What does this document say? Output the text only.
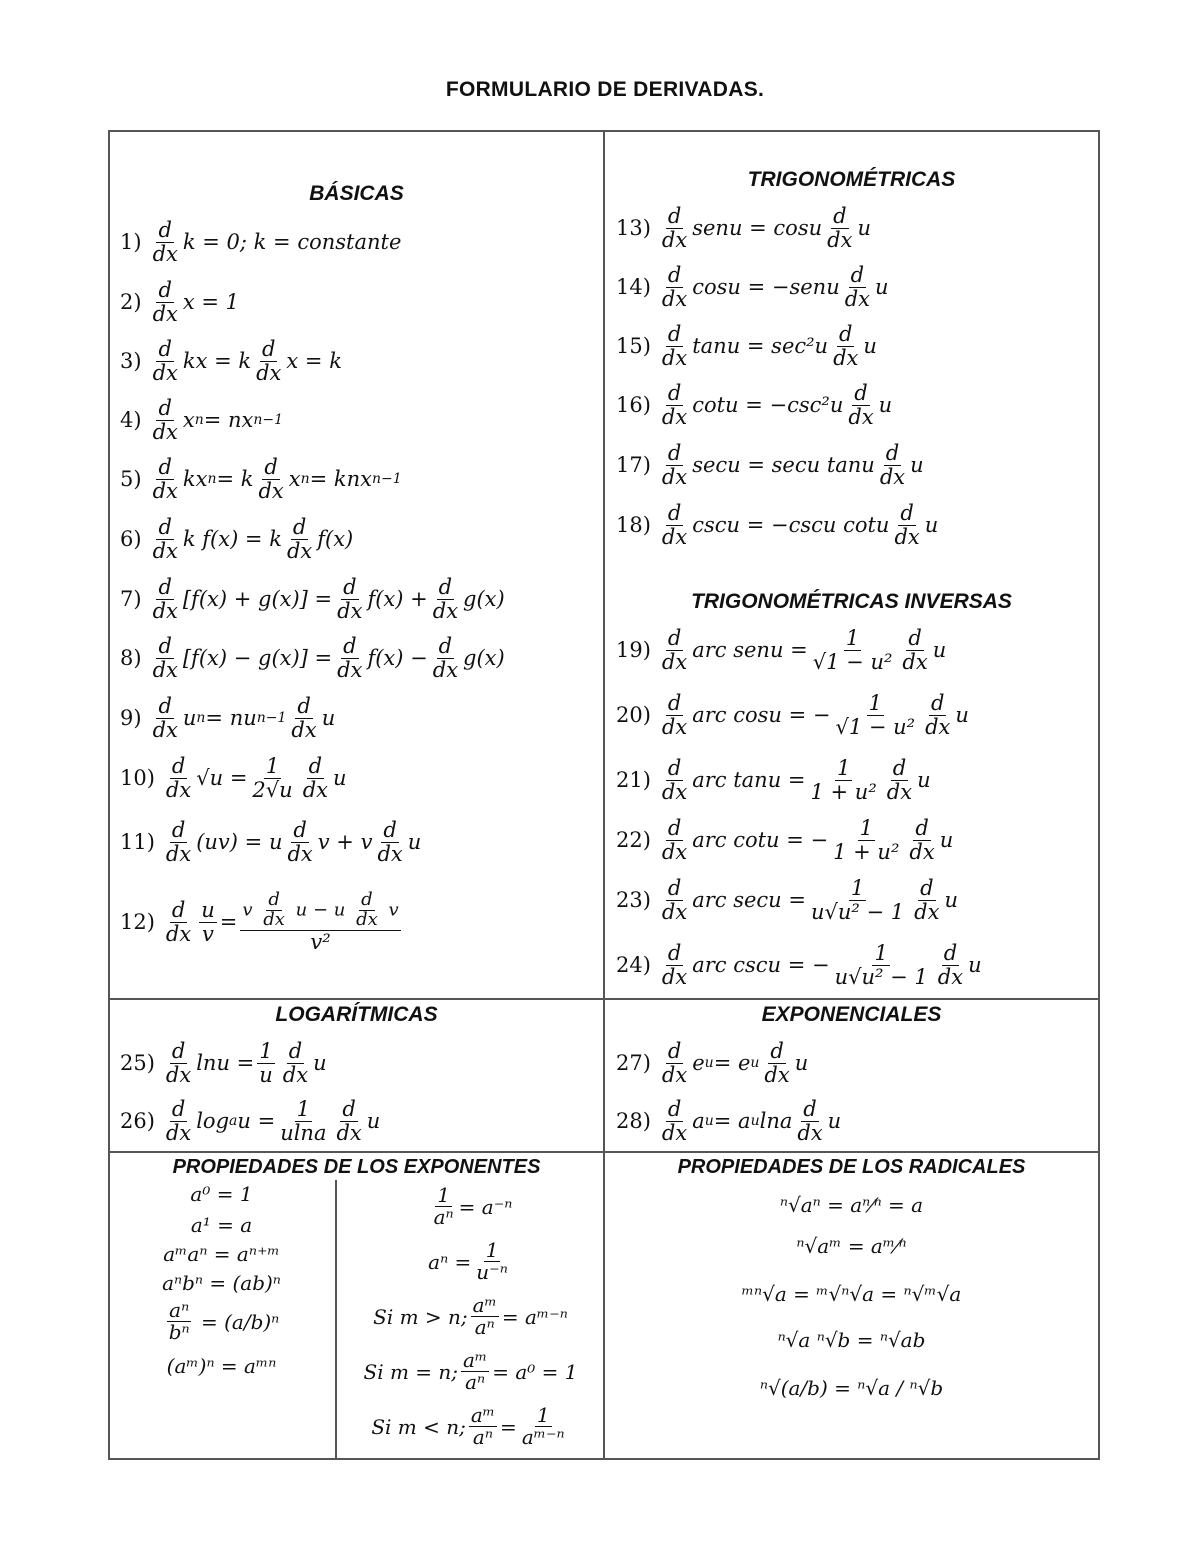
FORMULARIO DE DERIVADAS.
BÁSICAS
TRIGONOMÉTRICAS
TRIGONOMÉTRICAS INVERSAS
LOGARÍTMICAS	EXPONENCIALES
PROPIEDADES DE LOS EXPONENTES	PROPIEDADES DE LOS RADICALES
$1) \frac{d}{dx}$ k = 0; k = constante
$2) \frac{d}{dx}$ x = 1
$3) \frac{d}{dx}$ kx = k $\frac{d}{dx}$ x = k
$4) \frac{d}{dx}$ x n = nx n−1
$5) \frac{d}{dx}$ kx n = k $\frac{d}{dx}$ x n = knx n−1
$6) \frac{d}{dx}$ k f(x) = k $\frac{d}{dx} f(x)$
$7) \frac{d}{dx} [f(x) + g(x)] = \frac{d}{dx} f(x)$
+ $\frac{d}{dx} g(x)$
$8) \frac{d}{dx} [f(x) - g(x)] = \frac{d}{dx} f(x)$
− $\frac{d}{dx} g(x)$
$9) \frac{d}{dx}$ u n = nu $n-1 \frac{d}{dx}$ u
$10) \frac{d}{dx} √u$
= $\frac{1}{2√u} \frac{d}{dx}$ u
$11) \frac{d}{dx} (uv) = u \frac{d}{dx}$ v + v $\frac{d}{dx}$ u
$12) \frac{d}{dx} \frac{u}{v} = \frac{v \frac{d}{dx} u - u \frac{d}{dx} v}{\text{v²}}$
$13) \frac{d}{dx}$ senu = cosu $\frac{d}{dx}$ u
$14) \frac{d}{dx}$ cosu = −senu $\frac{d}{dx}$ u
$15) \frac{d}{dx}$ $\tan u = \sec^2u \frac{d}{dx}$ u
$16) \frac{d}{dx}$ $\cot u = -\csc^2u \frac{d}{dx}$ u
$17) \frac{d}{dx}$ secu = secu tanu $\frac{d}{dx}$ u
$18) \frac{d}{dx}$ cscu = −cscu cotu $\frac{d}{dx}$ u
$19) \frac{d}{dx}$ arc senu = $\frac{1}{\text{√1 − u²}} \frac{d}{dx}$ u
$20) \frac{d}{dx}$ arc cosu = − $\frac{1}{\text{√1 − u²}} \frac{d}{dx}$ u
$21) \frac{d}{dx}$ arc $\tan u = \frac{1}{\text{1 + u²}} \frac{d}{dx}$ u
$22) \frac{d}{dx}$ arc cotu = − $\frac{1}{\text{1 + u²}} \frac{d}{dx}$ u
$23) \frac{d}{dx}$ arc $\sec u = \frac{1}{\text{u√u² − 1}} \frac{d}{dx}$ u
$24) \frac{d}{dx}$ arc cscu = − $\frac{1}{\text{u√u² − 1}} \frac{d}{dx}$ u
$25) \frac{d}{dx}$ $\ln u = \frac{1}{u} \frac{d}{dx}$ u
$26) \frac{d}{dx}$ log a $u = \frac{1}{ulna} \frac{d}{dx}$ u
$27) \frac{d}{dx}$ e u = e u $\frac{d}{dx}$ u
$28) \frac{d}{dx}$ a u = a u lna $\frac{d}{dx}$ u
a⁰ = 1
a¹ = a
aᵐaⁿ = aⁿ⁺ᵐ
aⁿbⁿ = (ab)ⁿ
$\frac{\text{aⁿ}}{\text{bⁿ}} = (a/b)^n$
(aᵐ)ⁿ = aᵐⁿ
$\frac{1}{\text{aⁿ}} = a^{-n}$
$a^n = \frac{1}{\text{u⁻ⁿ}}$
Si m > n; $\frac{\text{aᵐ}}{\text{aⁿ}}$ = aᵐ⁻ⁿ
Si m = n; $\frac{\text{aᵐ}}{\text{aⁿ}} = a^0 = 1$
Si m < n; $\frac{\text{aᵐ}}{\text{aⁿ}} = \frac{1}{\text{aᵐ⁻ⁿ}}$
ⁿ√aⁿ = aⁿ⁄ⁿ = a
ⁿ√aᵐ = aᵐ⁄ⁿ
ᵐⁿ√a = ᵐ√ⁿ√a = ⁿ√ᵐ√a
ⁿ√a ⁿ√b = ⁿ√ab
ⁿ√(a/b) = ⁿ√a / ⁿ√b
